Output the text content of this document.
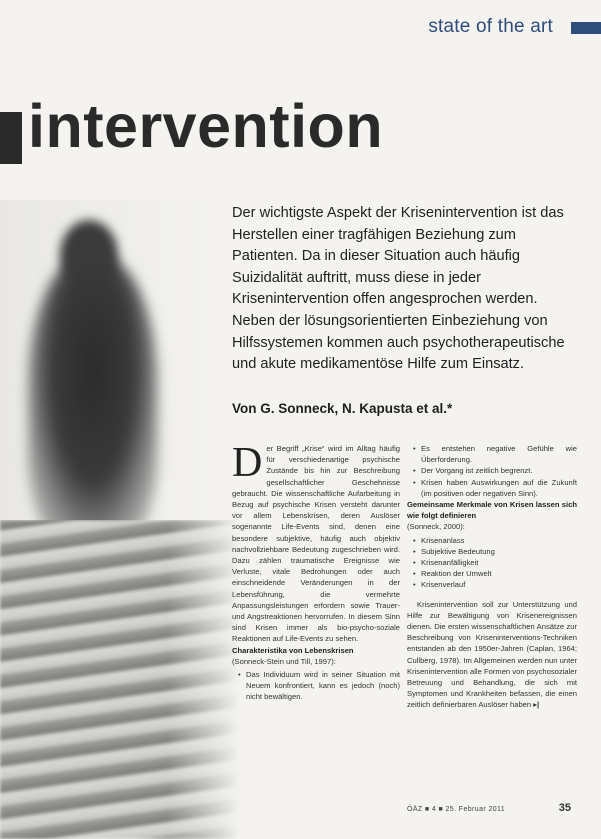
state of the art
intervention

Der wichtigste Aspekt der Krisenintervention ist das Herstellen einer tragfähigen Beziehung zum Patienten. Da in dieser Situation auch häufig Suizidalität auftritt, muss diese in jeder Krisenintervention offen angesprochen werden. Neben der lösungsorientierten Einbeziehung von Hilfssystemen kommen auch psychotherapeutische und akute medikamentöse Hilfe zum Einsatz.

Von G. Sonneck, N. Kapusta et al.*

Der Begriff „Krise“ wird im Alltag häufig für verschiedenartige psychische Zustände bis hin zur Beschreibung gesellschaftlicher Geschehnisse gebraucht. Die wissenschaftliche Aufarbeitung in Bezug auf psychische Krisen versteht darunter vor allem Lebenskrisen, deren Auslöser sogenannte Life-Events sind, denen eine besondere subjektive, häufig auch objektiv nachvollziehbare Bedeutung zugeschrieben wird. Dazu zählen traumatische Ereignisse wie Verluste, vitale Bedrohungen oder auch einschneidende Veränderungen in der Lebensführung, die vermehrte Anpassungsleistungen erfordern sowie Trauer- und Angstreaktionen hervorrufen. In diesem Sinn sind Krisen immer als bio-psycho-soziale Reaktionen auf Life-Events zu sehen.

Charakteristika von Lebenskrisen

(Sonneck-Stein und Till, 1997):

• Das Individuum wird in seiner Situation mit Neuem konfrontiert, kann es jedoch (noch) nicht bewältigen.
• Es entstehen negative Gefühle wie Überforderung.
• Der Vorgang ist zeitlich begrenzt.
• Krisen haben Auswirkungen auf die Zukunft (im positiven oder negativen Sinn).

Gemeinsame Merkmale von Krisen lassen sich wie folgt definieren

(Sonneck, 2000):

• Krisenanlass
• Subjektive Bedeutung
• Krisenanfälligkeit
• Reaktion der Umwelt
• Krisenverlauf

Krisenintervention soll zur Unterstützung und Hilfe zur Bewältigung von Krisenereignissen dienen. Die ersten wissenschaftlichen Ansätze zur Beschreibung von Kriseninterventions-Techniken entstanden ab den 1950er-Jahren (Caplan, 1964; Cullberg, 1978). Im Allgemeinen werden nun unter Krisenintervention alle Formen von psychosozialer Betreuung und Behandlung, die sich mit Symptomen und Krankheiten befassen, die einen zeitlich definierbaren Auslöser haben ▸|

ÖÄZ ■ 4 ■ 25. Februar 2011	35
